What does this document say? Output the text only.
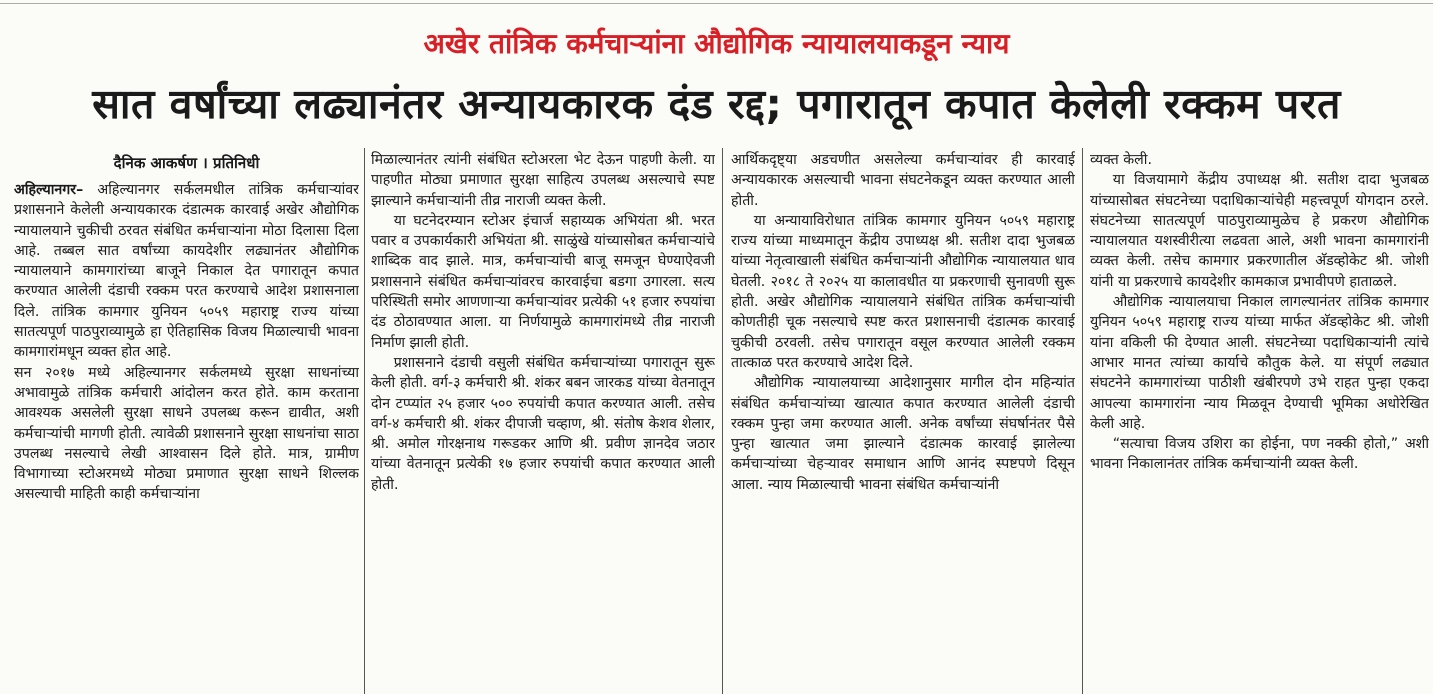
अखेर तांत्रिक कर्मचाऱ्यांना औद्योगिक न्यायालयाकडून न्याय
सात वर्षांच्या लढ्यानंतर अन्यायकारक दंड रद्द; पगारातून कपात केलेली रक्कम परत
दैनिक आकर्षण । प्रतिनिधी

अहिल्यानगर– अहिल्यानगर सर्कलमधील तांत्रिक कर्मचाऱ्यांवर प्रशासनाने केलेली अन्यायकारक दंडात्मक कारवाई अखेर औद्योगिक न्यायालयाने चुकीची ठरवत संबंधित कर्मचाऱ्यांना मोठा दिलासा दिला आहे. तब्बल सात वर्षांच्या कायदेशीर लढ्यानंतर औद्योगिक न्यायालयाने कामगारांच्या बाजूने निकाल देत पगारातून कपात करण्यात आलेली दंडाची रक्कम परत करण्याचे आदेश प्रशासनाला दिले. तांत्रिक कामगार युनियन ५०५९ महाराष्ट्र राज्य यांच्या सातत्यपूर्ण पाठपुराव्यामुळे हा ऐतिहासिक विजय मिळाल्याची भावना कामगारांमधून व्यक्त होत आहे.

सन २०१७ मध्ये अहिल्यानगर सर्कलमध्ये सुरक्षा साधनांच्या अभावामुळे तांत्रिक कर्मचारी आंदोलन करत होते. काम करताना आवश्यक असलेली सुरक्षा साधने उपलब्ध करून द्यावीत, अशी कर्मचाऱ्यांची मागणी होती. त्यावेळी प्रशासनाने सुरक्षा साधनांचा साठा उपलब्ध नसल्याचे लेखी आश्वासन दिले होते. मात्र, ग्रामीण विभागाच्या स्टोअरमध्ये मोठ्या प्रमाणात सुरक्षा साधने शिल्लक असल्याची माहिती काही कर्मचाऱ्यांना

मिळाल्यानंतर त्यांनी संबंधित स्टोअरला भेट देऊन पाहणी केली. या पाहणीत मोठ्या प्रमाणात सुरक्षा साहित्य उपलब्ध असल्याचे स्पष्ट झाल्याने कर्मचाऱ्यांनी तीव्र नाराजी व्यक्त केली.

या घटनेदरम्यान स्टोअर इंचार्ज सहाय्यक अभियंता श्री. भरत पवार व उपकार्यकारी अभियंता श्री. साळुंखे यांच्यासोबत कर्मचाऱ्यांचे शाब्दिक वाद झाले. मात्र, कर्मचाऱ्यांची बाजू समजून घेण्याऐवजी प्रशासनाने संबंधित कर्मचाऱ्यांवरच कारवाईचा बडगा उगारला. सत्य परिस्थिती समोर आणणाऱ्या कर्मचाऱ्यांवर प्रत्येकी ५१ हजार रुपयांचा दंड ठोठावण्यात आला. या निर्णयामुळे कामगारांमध्ये तीव्र नाराजी निर्माण झाली होती.

प्रशासनाने दंडाची वसुली संबंधित कर्मचाऱ्यांच्या पगारातून सुरू केली होती. वर्ग-३ कर्मचारी श्री. शंकर बबन जारकड यांच्या वेतनातून दोन टप्प्यांत २५ हजार ५०० रुपयांची कपात करण्यात आली. तसेच वर्ग-४ कर्मचारी श्री. शंकर दीपाजी चव्हाण, श्री. संतोष केशव शेलार, श्री. अमोल गोरक्षनाथ गरूडकर आणि श्री. प्रवीण ज्ञानदेव जठार यांच्या वेतनातून प्रत्येकी १७ हजार रुपयांची कपात करण्यात आली होती.

आर्थिकदृष्ट्या अडचणीत असलेल्या कर्मचाऱ्यांवर ही कारवाई अन्यायकारक असल्याची भावना संघटनेकडून व्यक्त करण्यात आली होती.

या अन्यायाविरोधात तांत्रिक कामगार युनियन ५०५९ महाराष्ट्र राज्य यांच्या माध्यमातून केंद्रीय उपाध्यक्ष श्री. सतीश दादा भुजबळ यांच्या नेतृत्वाखाली संबंधित कर्मचाऱ्यांनी औद्योगिक न्यायालयात धाव घेतली. २०१८ ते २०२५ या कालावधीत या प्रकरणाची सुनावणी सुरू होती. अखेर औद्योगिक न्यायालयाने संबंधित तांत्रिक कर्मचाऱ्यांची कोणतीही चूक नसल्याचे स्पष्ट करत प्रशासनाची दंडात्मक कारवाई चुकीची ठरवली. तसेच पगारातून वसूल करण्यात आलेली रक्कम तात्काळ परत करण्याचे आदेश दिले.

औद्योगिक न्यायालयाच्या आदेशानुसार मागील दोन महिन्यांत संबंधित कर्मचाऱ्यांच्या खात्यात कपात करण्यात आलेली दंडाची रक्कम पुन्हा जमा करण्यात आली. अनेक वर्षांच्या संघर्षानंतर पैसे पुन्हा खात्यात जमा झाल्याने दंडात्मक कारवाई झालेल्या कर्मचाऱ्यांच्या चेहऱ्यावर समाधान आणि आनंद स्पष्टपणे दिसून आला. न्याय मिळाल्याची भावना संबंधित कर्मचाऱ्यांनी

व्यक्त केली.

या विजयामागे केंद्रीय उपाध्यक्ष श्री. सतीश दादा भुजबळ यांच्यासोबत संघटनेच्या पदाधिकाऱ्यांचेही महत्त्वपूर्ण योगदान ठरले. संघटनेच्या सातत्यपूर्ण पाठपुराव्यामुळेच हे प्रकरण औद्योगिक न्यायालयात यशस्वीरीत्या लढवता आले, अशी भावना कामगारांनी व्यक्त केली. तसेच कामगार प्रकरणातील अ‍ॅडव्होकेट श्री. जोशी यांनी या प्रकरणाचे कायदेशीर कामकाज प्रभावीपणे हाताळले.

औद्योगिक न्यायालयाचा निकाल लागल्यानंतर तांत्रिक कामगार युनियन ५०५९ महाराष्ट्र राज्य यांच्या मार्फत अ‍ॅडव्होकेट श्री. जोशी यांना वकिली फी देण्यात आली. संघटनेच्या पदाधिकाऱ्यांनी त्यांचे आभार मानत त्यांच्या कार्याचे कौतुक केले. या संपूर्ण लढ्यात संघटनेने कामगारांच्या पाठीशी खंबीरपणे उभे राहत पुन्हा एकदा आपल्या कामगारांना न्याय मिळवून देण्याची भूमिका अधोरेखित केली आहे.

“सत्याचा विजय उशिरा का होईना, पण नक्की होतो,” अशी भावना निकालानंतर तांत्रिक कर्मचाऱ्यांनी व्यक्त केली.
